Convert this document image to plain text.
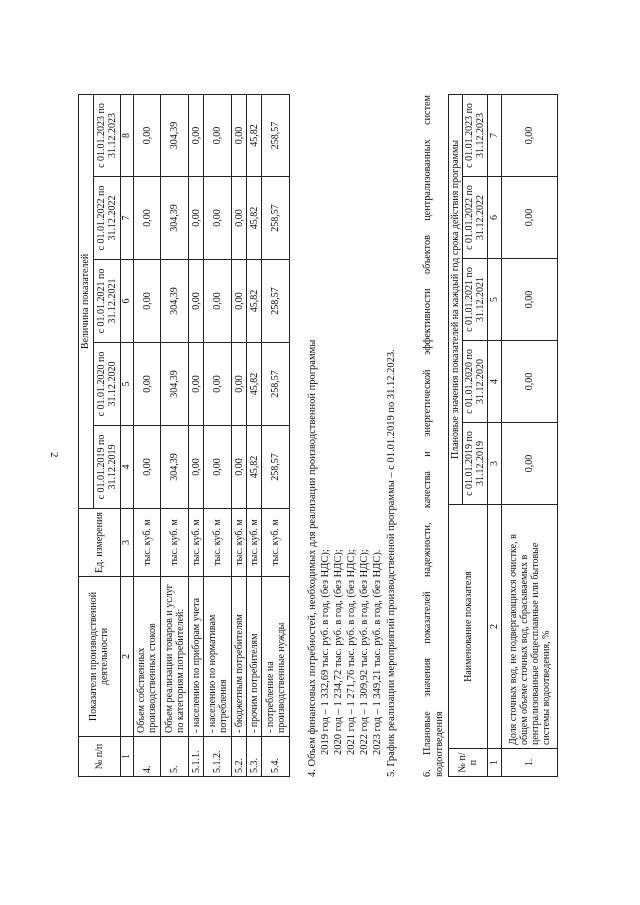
2
№ п/п	Показатели производственной деятельности	Ед. измерения	Величина показателей				
			с 01.01.2019 по 31.12.2019	с 01.01.2020 по 31.12.2020	с 01.01.2021 по 31.12.2021	с 01.01.2022 по 31.12.2022	с 01.01.2023 по 31.12.2023
1	2	3	4	5	6	7	8
4.	Объем собственных производственных стоков	тыс. куб. м	0,00	0,00	0,00	0,00	0,00
5.	Объем реализации товаров и услуг по категориям потребителей:	тыс. куб. м	304,39	304,39	304,39	304,39	304,39
5.1.1.	- населению по приборам учета	тыс. куб. м	0,00	0,00	0,00	0,00	0,00
5.1.2.	- населению по нормативам потребления	тыс. куб. м	0,00	0,00	0,00	0,00	0,00
5.2.	- бюджетным потребителям	тыс. куб. м	0,00	0,00	0,00	0,00	0,00
5.3.	- прочим потребителям	тыс. куб. м	45,82	45,82	45,82	45,82	45,82
5.4.	- потребление на производственные нужды	тыс. куб. м	258,57	258,57	258,57	258,57	258,57
4. Объем финансовых потребностей, необходимых для реализации производственной программы 2019 год – 1 332,69 тыс. руб. в год, (без НДС); 2020 год – 1 234,72 тыс. руб. в год, (без НДС); 2021 год – 1 271,76 тыс. руб. в год, (без НДС); 2022 год – 1 309,92 тыс. руб. в год, (без НДС); 2023 год – 1 349,21 тыс. руб. в год, (без НДС). 5. График реализации мероприятий производственной программы – с 01.01.2019 по 31.12.2023. 6. Плановые значения показателей надежности, качества и энергетической эффективности объектов централизованных систем водоотведения № п/п	Наименование показателя	Плановые значения показателей на каждый год срока действия программы				
		с 01.01.2019 по 31.12.2019	с 01.01.2020 по 31.12.2020	с 01.01.2021 по 31.12.2021	с 01.01.2022 по 31.12.2022	с 01.01.2023 по 31.12.2023
1	2	3	4	5	6	7
1.	Доля сточных вод, не подвергающихся очистке, в общем объеме сточных вод, сбрасываемых в централизованные общесплавные или бытовые системы водоотведения, %	0,00	0,00	0,00	0,00	0,00
